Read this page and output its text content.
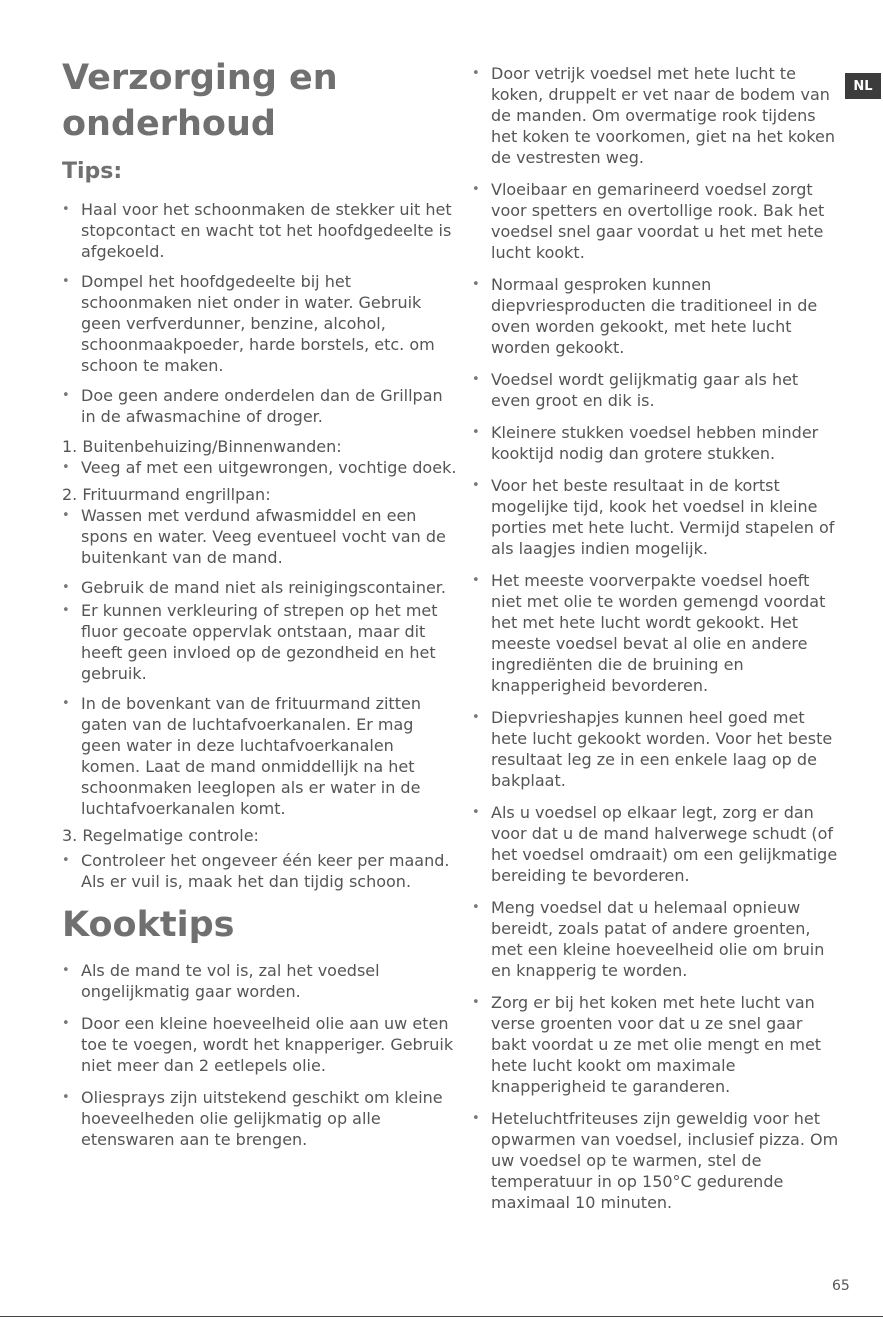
Verzorging en
onderhoud
Tips:
• Haal voor het schoonmaken de stekker uit het stopcontact en wacht tot het hoofdgedeelte is afgekoeld.
• Dompel het hoofdgedeelte bij het schoonmaken niet onder in water. Gebruik geen verfverdunner, benzine, alcohol, schoonmaakpoeder, harde borstels, etc. om schoon te maken.
• Doe geen andere onderdelen dan de Grillpan in de afwasmachine of droger.
1. Buitenbehuizing/Binnenwanden:
• Veeg af met een uitgewrongen, vochtige doek.
2. Frituurmand engrillpan:
• Wassen met verdund afwasmiddel en een spons en water. Veeg eventueel vocht van de buitenkant van de mand.
• Gebruik de mand niet als reinigingscontainer.
• Er kunnen verkleuring of strepen op het met fluor gecoate oppervlak ontstaan, maar dit heeft geen invloed op de gezondheid en het gebruik.
• In de bovenkant van de frituurmand zitten gaten van de luchtafvoerkanalen. Er mag geen water in deze luchtafvoerkanalen komen. Laat de mand onmiddellijk na het schoonmaken leeglopen als er water in de luchtafvoerkanalen komt.
3. Regelmatige controle:
• Controleer het ongeveer één keer per maand. Als er vuil is, maak het dan tijdig schoon.
Kooktips
• Als de mand te vol is, zal het voedsel ongelijkmatig gaar worden.
• Door een kleine hoeveelheid olie aan uw eten toe te voegen, wordt het knapperiger. Gebruik niet meer dan 2 eetlepels olie.
• Oliesprays zijn uitstekend geschikt om kleine hoeveelheden olie gelijkmatig op alle etenswaren aan te brengen.
• Door vetrijk voedsel met hete lucht te koken, druppelt er vet naar de bodem van de manden. Om overmatige rook tijdens het koken te voorkomen, giet na het koken de vestresten weg.
• Vloeibaar en gemarineerd voedsel zorgt voor spetters en overtollige rook. Bak het voedsel snel gaar voordat u het met hete lucht kookt.
• Normaal gesproken kunnen diepvriesproducten die traditioneel in de oven worden gekookt, met hete lucht worden gekookt.
• Voedsel wordt gelijkmatig gaar als het even groot en dik is.
• Kleinere stukken voedsel hebben minder kooktijd nodig dan grotere stukken.
• Voor het beste resultaat in de kortst mogelijke tijd, kook het voedsel in kleine porties met hete lucht. Vermijd stapelen of als laagjes indien mogelijk.
• Het meeste voorverpakte voedsel hoeft niet met olie te worden gemengd voordat het met hete lucht wordt gekookt. Het meeste voedsel bevat al olie en andere ingrediënten die de bruining en knapperigheid bevorderen.
• Diepvrieshapjes kunnen heel goed met hete lucht gekookt worden. Voor het beste resultaat leg ze in een enkele laag op de bakplaat.
• Als u voedsel op elkaar legt, zorg er dan voor dat u de mand halverwege schudt (of het voedsel omdraait) om een gelijkmatige bereiding te bevorderen.
• Meng voedsel dat u helemaal opnieuw bereidt, zoals patat of andere groenten, met een kleine hoeveelheid olie om bruin en knapperig te worden.
• Zorg er bij het koken met hete lucht van verse groenten voor dat u ze snel gaar bakt voordat u ze met olie mengt en met hete lucht kookt om maximale knapperigheid te garanderen.
• Heteluchtfriteuses zijn geweldig voor het opwarmen van voedsel, inclusief pizza. Om uw voedsel op te warmen, stel de temperatuur in op 150°C gedurende maximaal 10 minuten.
NL
65
